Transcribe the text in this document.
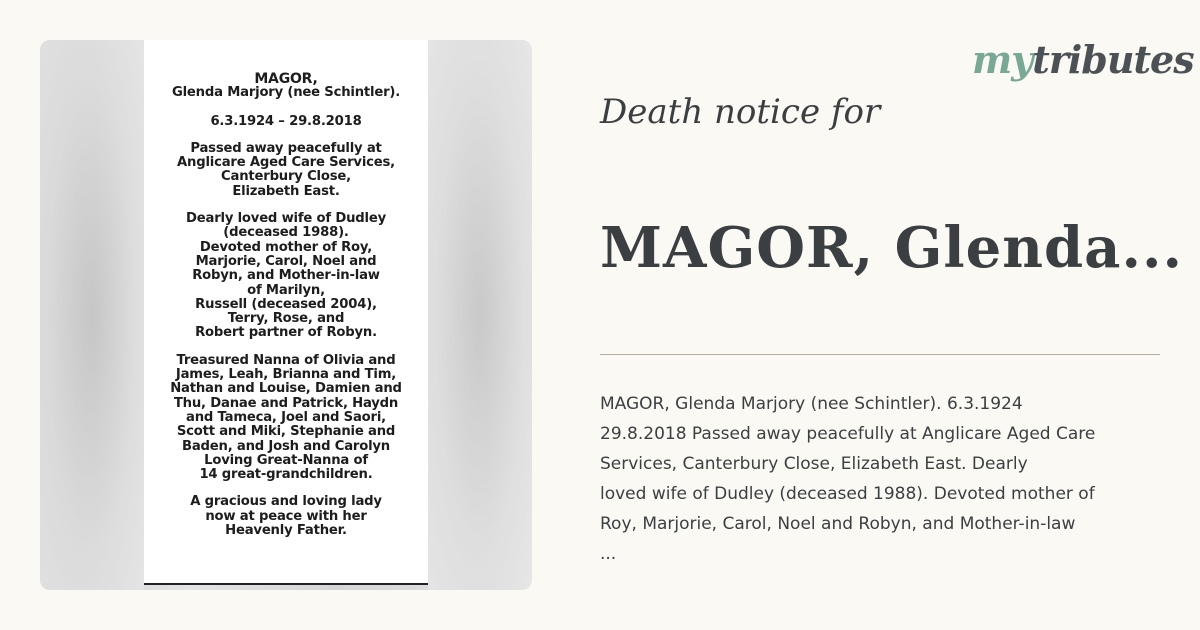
MAGOR,

Glenda Marjory (nee Schintler).

6.3.1924 – 29.8.2018

Passed away peacefully at
Anglicare Aged Care Services,
Canterbury Close,
Elizabeth East.

Dearly loved wife of Dudley
(deceased 1988).
Devoted mother of Roy,
Marjorie, Carol, Noel and
Robyn, and Mother-in-law
of Marilyn,
Russell (deceased 2004),
Terry, Rose, and
Robert partner of Robyn.

Treasured Nanna of Olivia and
James, Leah, Brianna and Tim,
Nathan and Louise, Damien and
Thu, Danae and Patrick, Haydn
and Tameca, Joel and Saori,
Scott and Miki, Stephanie and
Baden, and Josh and Carolyn
Loving Great-Nanna of
14 great-grandchildren.

A gracious and loving lady
now at peace with her
Heavenly Father.

mytributes
Death notice for
MAGOR, Glenda...
MAGOR, Glenda Marjory (nee Schintler). 6.3.1924
29.8.2018 Passed away peacefully at Anglicare Aged Care
Services, Canterbury Close, Elizabeth East. Dearly
loved wife of Dudley (deceased 1988). Devoted mother of
Roy, Marjorie, Carol, Noel and Robyn, and Mother-in-law
...
